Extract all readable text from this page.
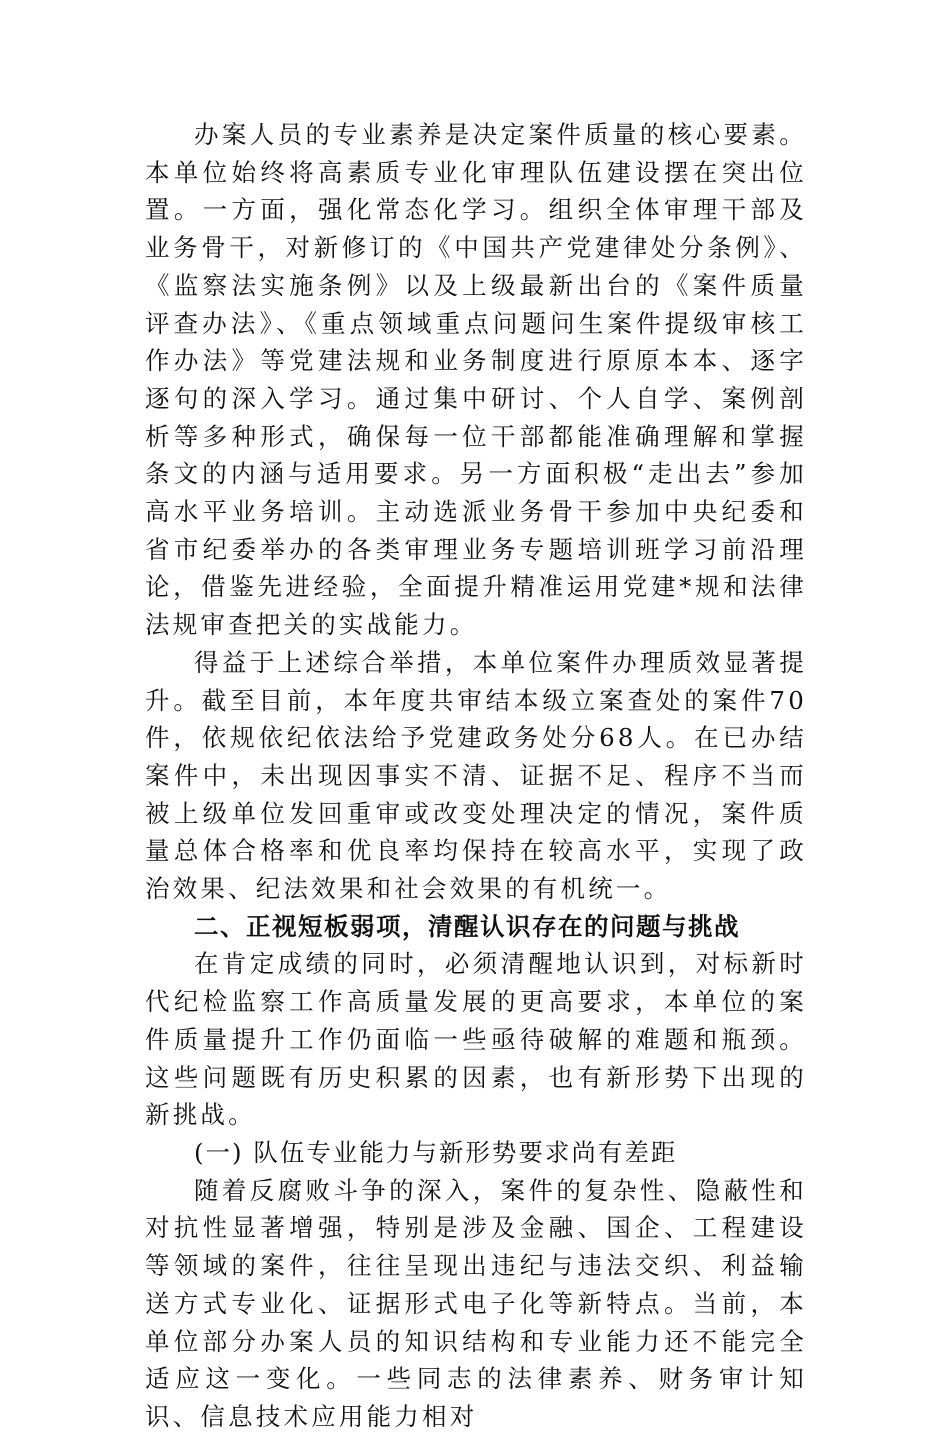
办案人员的专业素养是决定案件质量的核心要素。本单位始终将高素质专业化审理队伍建设摆在突出位置。一方面，强化常态化学习。组织全体审理干部及业务骨干，对新修订的《中国共产党建律处分条例》、《监察法实施条例》以及上级最新出台的《案件质量评查办法》、《重点领域重点问题问生案件提级审核工作办法》等党建法规和业务制度进行原原本本、逐字逐句的深入学习。通过集中研讨、个人自学、案例剖析等多种形式，确保每一位干部都能准确理解和掌握条文的内涵与适用要求。另一方面积极“走出去”参加高水平业务培训。主动选派业务骨干参加中央纪委和省市纪委举办的各类审理业务专题培训班学习前沿理论，借鉴先进经验，全面提升精准运用党建*规和法律法规审查把关的实战能力。

得益于上述综合举措，本单位案件办理质效显著提升。截至目前，本年度共审结本级立案查处的案件70件，依规依纪依法给予党建政务处分68人。在已办结案件中，未出现因事实不清、证据不足、程序不当而被上级单位发回重审或改变处理决定的情况，案件质量总体合格率和优良率均保持在较高水平，实现了政治效果、纪法效果和社会效果的有机统一。

二、正视短板弱项，清醒认识存在的问题与挑战

在肯定成绩的同时，必须清醒地认识到，对标新时代纪检监察工作高质量发展的更高要求，本单位的案件质量提升工作仍面临一些亟待破解的难题和瓶颈。这些问题既有历史积累的因素，也有新形势下出现的新挑战。

(一) 队伍专业能力与新形势要求尚有差距

随着反腐败斗争的深入，案件的复杂性、隐蔽性和对抗性显著增强，特别是涉及金融、国企、工程建设等领域的案件，往往呈现出违纪与违法交织、利益输送方式专业化、证据形式电子化等新特点。当前，本单位部分办案人员的知识结构和专业能力还不能完全适应这一变化。一些同志的法律素养、财务审计知识、信息技术应用能力相对
